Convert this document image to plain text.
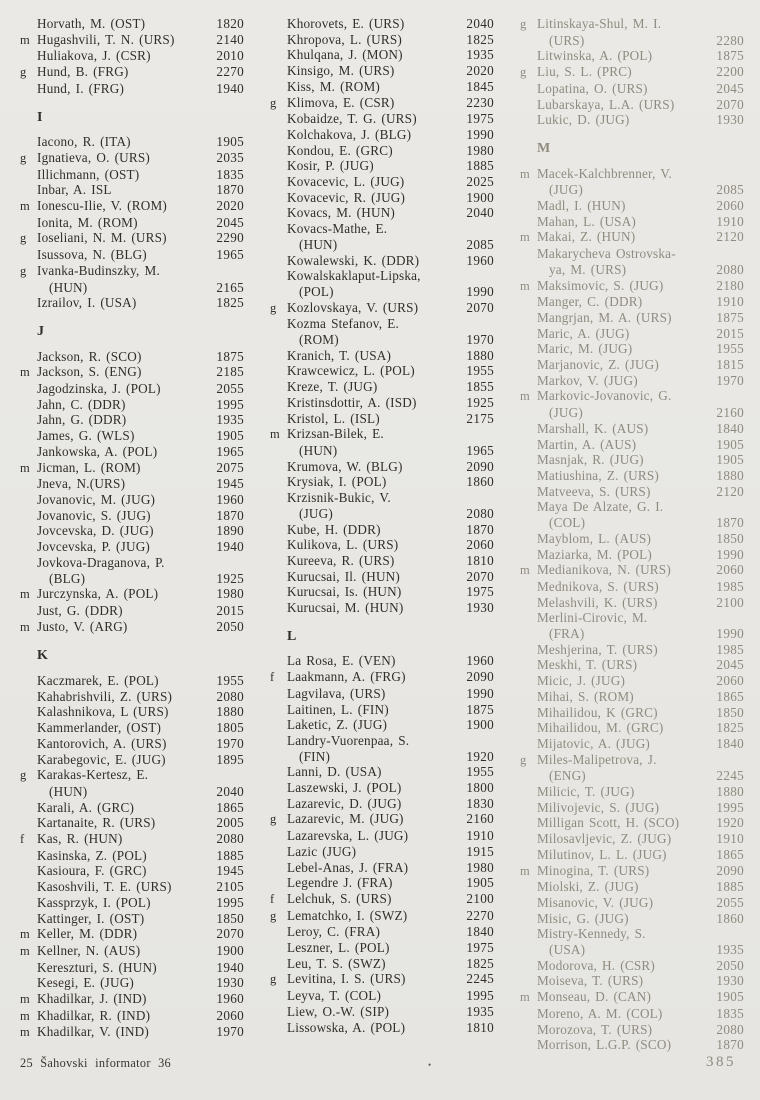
Horvath, M. (OST)	1820
m Hugashvili, T. N. (URS)	2140
Huliakova, J. (CSR)	2010
g Hund, B. (FRG)	2270
Hund, I. (FRG)	1940
I
Iacono, R. (ITA)	1905
g Ignatieva, O. (URS)	2035
Illichmann, (OST)	1835
Inbar, A. ISL	1870
m Ionescu-Ilie, V. (ROM)	2020
Ionita, M. (ROM)	2045
g Ioseliani, N. M. (URS)	2290
Isussova, N. (BLG)	1965
g Ivanka-Budinszky, M.
(HUN)	2165
Izrailov, I. (USA)	1825
J
Jackson, R. (SCO)	1875
m Jackson, S. (ENG)	2185
Jagodzinska, J. (POL)	2055
Jahn, C. (DDR)	1995
Jahn, G. (DDR)	1935
James, G. (WLS)	1905
Jankowska, A. (POL)	1965
m Jicman, L. (ROM)	2075
Jneva, N.(URS)	1945
Jovanovic, M. (JUG)	1960
Jovanovic, S. (JUG)	1870
Jovcevska, D. (JUG)	1890
Jovcevska, P. (JUG)	1940
Jovkova-Draganova, P.
(BLG)	1925
m Jurczynska, A. (POL)	1980
Just, G. (DDR)	2015
m Justo, V. (ARG)	2050
K
Kaczmarek, E. (POL)	1955
Kahabrishvili, Z. (URS)	2080
Kalashnikova, L (URS)	1880
Kammerlander, (OST)	1805
Kantorovich, A. (URS)	1970
Karabegovic, E. (JUG)	1895
g Karakas-Kertesz, E.
(HUN)	2040
Karali, A. (GRC)	1865
Kartanaite, R. (URS)	2005
f Kas, R. (HUN)	2080
Kasinska, Z. (POL)	1885
Kasioura, F. (GRC)	1945
Kasoshvili, T. E. (URS)	2105
Kassprzyk, I. (POL)	1995
Kattinger, I. (OST)	1850
m Keller, M. (DDR)	2070
m Kellner, N. (AUS)	1900
Kereszturi, S. (HUN)	1940
Kesegi, E. (JUG)	1930
m Khadilkar, J. (IND)	1960
m Khadilkar, R. (IND)	2060
m Khadilkar, V. (IND)	1970
Khorovets, E. (URS)	2040
Khropova, L. (URS)	1825
Khulqana, J. (MON)	1935
Kinsigo, M. (URS)	2020
Kiss, M. (ROM)	1845
g Klimova, E. (CSR)	2230
Kobaidze, T. G. (URS)	1975
Kolchakova, J. (BLG)	1990
Kondou, E. (GRC)	1980
Kosir, P. (JUG)	1885
Kovacevic, L. (JUG)	2025
Kovacevic, R. (JUG)	1900
Kovacs, M. (HUN)	2040
Kovacs-Mathe, E.
(HUN)	2085
Kowalewski, K. (DDR)	1960
Kowalskaklaput-Lipska,
(POL)	1990
g Kozlovskaya, V. (URS)	2070
Kozma Stefanov, E.
(ROM)	1970
Kranich, T. (USA)	1880
Krawcewicz, L. (POL)	1955
Kreze, T. (JUG)	1855
Kristinsdottir, A. (ISD)	1925
Kristol, L. (ISL)	2175
m Krizsan-Bilek, E.
(HUN)	1965
Krumova, W. (BLG)	2090
Krysiak, I. (POL)	1860
Krzisnik-Bukic, V.
(JUG)	2080
Kube, H. (DDR)	1870
Kulikova, L. (URS)	2060
Kureeva, R. (URS)	1810
Kurucsai, Il. (HUN)	2070
Kurucsai, Is. (HUN)	1975
Kurucsai, M. (HUN)	1930
L
La Rosa, E. (VEN)	1960
f Laakmann, A. (FRG)	2090
Lagvilava, (URS)	1990
Laitinen, L. (FIN)	1875
Laketic, Z. (JUG)	1900
Landry-Vuorenpaa, S.
(FIN)	1920
Lanni, D. (USA)	1955
Laszewski, J. (POL)	1800
Lazarevic, D. (JUG)	1830
g Lazarevic, M. (JUG)	2160
Lazarevska, L. (JUG)	1910
Lazic (JUG)	1915
Lebel-Anas, J. (FRA)	1980
Legendre J. (FRA)	1905
f Lelchuk, S. (URS)	2100
g Lematchko, I. (SWZ)	2270
Leroy, C. (FRA)	1840
Leszner, L. (POL)	1975
Leu, T. S. (SWZ)	1825
g Levitina, I. S. (URS)	2245
Leyva, T. (COL)	1995
Liew, O.-W. (SIP)	1935
Lissowska, A. (POL)	1810
g Litinskaya-Shul, M. I.
(URS)	2280
Litwinska, A. (POL)	1875
g Liu, S. L. (PRC)	2200
Lopatina, O. (URS)	2045
Lubarskaya, L.A. (URS)	2070
Lukic, D. (JUG)	1930
M
m Macek-Kalchbrenner, V.
(JUG)	2085
Madl, I. (HUN)	2060
Mahan, L. (USA)	1910
m Makai, Z. (HUN)	2120
Makarycheva Ostrovska-
ya, M. (URS)	2080
m Maksimovic, S. (JUG)	2180
Manger, C. (DDR)	1910
Mangrjan, M. A. (URS)	1875
Maric, A. (JUG)	2015
Maric, M. (JUG)	1955
Marjanovic, Z. (JUG)	1815
Markov, V. (JUG)	1970
m Markovic-Jovanovic, G.
(JUG)	2160
Marshall, K. (AUS)	1840
Martin, A. (AUS)	1905
Masnjak, R. (JUG)	1905
Matiushina, Z. (URS)	1880
Matveeva, S. (URS)	2120
Maya De Alzate, G. I.
(COL)	1870
Mayblom, L. (AUS)	1850
Maziarka, M. (POL)	1990
m Medianikova, N. (URS)	2060
Mednikova, S. (URS)	1985
Melashvili, K. (URS)	2100
Merlini-Cirovic, M.
(FRA)	1990
Meshjerina, T. (URS)	1985
Meskhi, T. (URS)	2045
Micic, J. (JUG)	2060
Mihai, S. (ROM)	1865
Mihailidou, K (GRC)	1850
Mihailidou, M. (GRC)	1825
Mijatovic, A. (JUG)	1840
g Miles-Malipetrova, J.
(ENG)	2245
Milicic, T. (JUG)	1880
Milivojevic, S. (JUG)	1995
Milligan Scott, H. (SCO)	1920
Milosavljevic, Z. (JUG)	1910
Milutinov, L. L. (JUG)	1865
m Minogina, T. (URS)	2090
Miolski, Z. (JUG)	1885
Misanovic, V. (JUG)	2055
Misic, G. (JUG)	1860
Mistry-Kennedy, S.
(USA)	1935
Modorova, H. (CSR)	2050
Moiseva, T. (URS)	1930
m Monseau, D. (CAN)	1905
Moreno, A. M. (COL)	1835
Morozova, T. (URS)	2080
Morrison, L.G.P. (SCO)	1870
25 Šahovski informator 36	•	385
